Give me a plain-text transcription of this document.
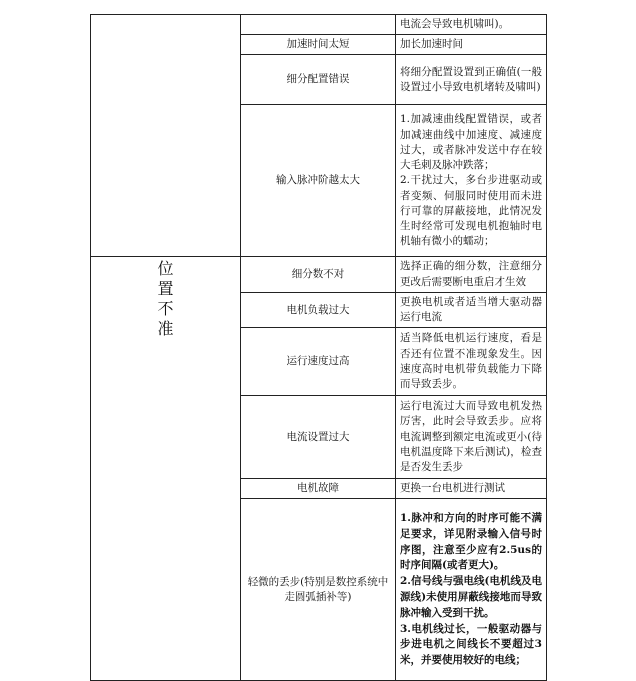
		电流会导致电机啸叫)。

	加速时间太短	加长加速时间

	细分配置错误	将细分配置设置到正确值(一般设置过小导致电机堵转及啸叫)

	输入脉冲阶越太大	1.加减速曲线配置错误，或者加减速曲线中加速度、减速度过大，或者脉冲发送中存在较大毛刺及脉冲跌落；

2.干扰过大，多台步进驱动或者变频、伺服同时使用而未进行可靠的屏蔽接地，此情况发生时经常可发现电机抱轴时电机轴有微小的蠕动；

位置不准	细分数不对	选择正确的细分数，注意细分更改后需要断电重启才生效

	电机负载过大	更换电机或者适当增大驱动器运行电流

	运行速度过高	适当降低电机运行速度，看是否还有位置不准现象发生。因速度高时电机带负载能力下降而导致丢步。

	电流设置过大	运行电流过大而导致电机发热厉害，此时会导致丢步。应将电流调整到额定电流或更小(待电机温度降下来后测试)，检查是否发生丢步

	电机故障	更换一台电机进行测试

	轻微的丢步(特别是数控系统中走圆弧插补等)	1.脉冲和方向的时序可能不满足要求，详见附录输入信号时序图，注意至少应有2.5us的时序间隔(或者更大)。

2.信号线与强电线(电机线及电源线)未使用屏蔽线接地而导致脉冲输入受到干扰。

3.电机线过长，一般驱动器与步进电机之间线长不要超过3米，并要使用较好的电线；
